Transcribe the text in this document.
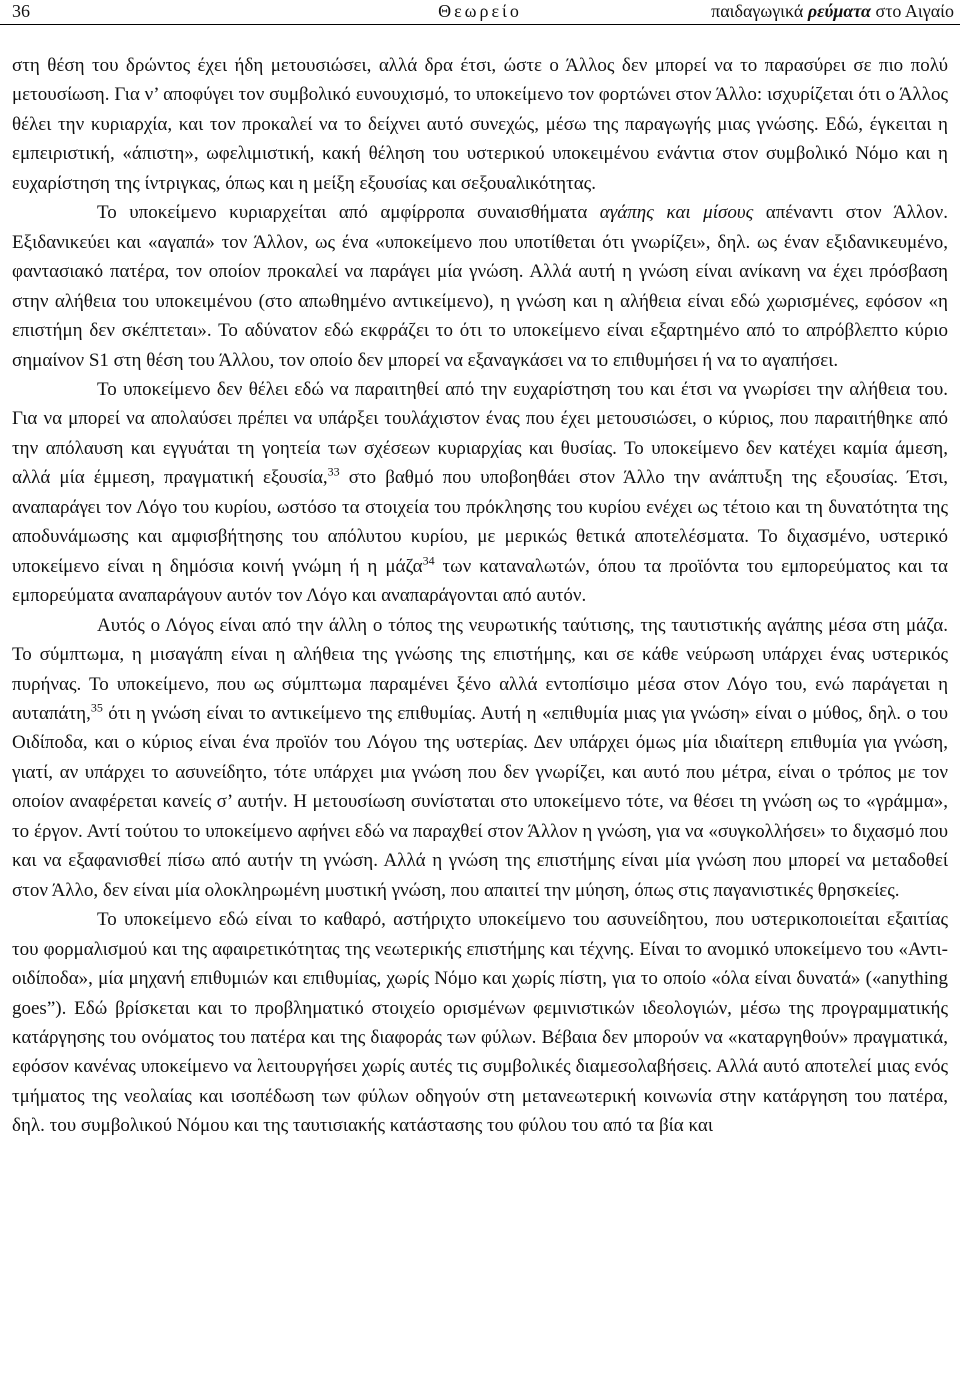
36	Θεωρείο	παιδαγωγικά ρεύματα στο Αιγαίο

στη θέση του δρώντος έχει ήδη μετουσιώσει, αλλά δρα έτσι, ώστε ο Άλλος δεν μπορεί να το παρασύρει σε πιο πολύ μετουσίωση. Για ν’ αποφύγει τον συμβολικό ευνουχισμό, το υποκείμενο τον φορτώνει στον Άλλο: ισχυρίζεται ότι ο Άλλος θέλει την κυριαρχία, και τον προκαλεί να το δείχνει αυτό συνεχώς, μέσω της παραγωγής μιας γνώσης. Εδώ, έγκειται η εμπειριστική, «άπιστη», ωφελιμιστική, κακή θέληση του υστερικού υποκειμένου ενάντια στον συμβολικό Νόμο και η ευχαρίστηση της ίντριγκας, όπως και η μείξη εξουσίας και σεξουαλικότητας.

Το υποκείμενο κυριαρχείται από αμφίρροπα συναισθήματα αγάπης και μίσους απέναντι στον Άλλον. Εξιδανικεύει και «αγαπά» τον Άλλον, ως ένα «υποκείμενο που υποτίθεται ότι γνωρίζει», δηλ. ως έναν εξιδανικευμένο, φαντασιακό πατέρα, τον οποίον προκαλεί να παράγει μία γνώση. Αλλά αυτή η γνώση είναι ανίκανη να έχει πρόσβαση στην αλήθεια του υποκειμένου (στο απωθημένο αντικείμενο), η γνώση και η αλήθεια είναι εδώ χωρισμένες, εφόσον «η επιστήμη δεν σκέπτεται». Το αδύνατον εδώ εκφράζει το ότι το υποκείμενο είναι εξαρτημένο από το απρόβλεπτο κύριο σημαίνον S1 στη θέση του Άλλου, τον οποίο δεν μπορεί να εξαναγκάσει να το επιθυμήσει ή να το αγαπήσει.

Το υποκείμενο δεν θέλει εδώ να παραιτηθεί από την ευχαρίστηση του και έτσι να γνωρίσει την αλήθεια του. Για να μπορεί να απολαύσει πρέπει να υπάρξει τουλάχιστον ένας που έχει μετουσιώσει, ο κύριος, που παραιτήθηκε από την απόλαυση και εγγυάται τη γοητεία των σχέσεων κυριαρχίας και θυσίας. Το υποκείμενο δεν κατέχει καμία άμεση, αλλά μία έμμεση, πραγματική εξουσία,$^{33}$ στο βαθμό που υποβοηθάει στον Άλλο την ανάπτυξη της εξουσίας. Έτσι, αναπαράγει τον Λόγο του κυρίου, ωστόσο τα στοιχεία του πρόκλησης του κυρίου ενέχει ως τέτοιο και τη δυνατότητα της αποδυνάμωσης και αμφισβήτησης του απόλυτου κυρίου, με μερικώς θετικά αποτελέσματα. Το διχασμένο, υστερικό υποκείμενο είναι η δημόσια κοινή γνώμη ή η μάζα$^{34}$ των καταναλωτών, όπου τα προϊόντα του εμπορεύματος και τα εμπορεύματα αναπαράγουν αυτόν τον Λόγο και αναπαράγονται από αυτόν.

Αυτός ο Λόγος είναι από την άλλη ο τόπος της νευρωτικής ταύτισης, της ταυτιστικής αγάπης μέσα στη μάζα. Το σύμπτωμα, η μισαγάπη είναι η αλήθεια της γνώσης της επιστήμης, και σε κάθε νεύρωση υπάρχει ένας υστερικός πυρήνας. Το υποκείμενο, που ως σύμπτωμα παραμένει ξένο αλλά εντοπίσιμο μέσα στον Λόγο του, ενώ παράγεται η αυταπάτη,$^{35}$ ότι η γνώση είναι το αντικείμενο της επιθυμίας. Αυτή η «επιθυμία μιας για γνώση» είναι ο μύθος, δηλ. ο του Οιδίποδα, και ο κύριος είναι ένα προϊόν του Λόγου της υστερίας. Δεν υπάρχει όμως μία ιδιαίτερη επιθυμία για γνώση, γιατί, αν υπάρχει το ασυνείδητο, τότε υπάρχει μια γνώση που δεν γνωρίζει, και αυτό που μέτρα, είναι ο τρόπος με τον οποίον αναφέρεται κανείς σ’ αυτήν. Η μετουσίωση συνίσταται στο υποκείμενο τότε, να θέσει τη γνώση ως το «γράμμα», το έργον. Αντί τούτου το υποκείμενο αφήνει εδώ να παραχθεί στον Άλλον η γνώση, για να «συγκολλήσει» το διχασμό που και να εξαφανισθεί πίσω από αυτήν τη γνώση. Αλλά η γνώση της επιστήμης είναι μία γνώση που μπορεί να μεταδοθεί στον Άλλο, δεν είναι μία ολοκληρωμένη μυστική γνώση, που απαιτεί την μύηση, όπως στις παγανιστικές θρησκείες.

Το υποκείμενο εδώ είναι το καθαρό, αστήριχτο υποκείμενο του ασυνείδητου, που υστερικοποιείται εξαιτίας του φορμαλισμού και της αφαιρετικότητας της νεωτερικής επιστήμης και τέχνης. Είναι το ανομικό υποκείμενο του «Αντι-οιδίποδα», μία μηχανή επιθυμιών και επιθυμίας, χωρίς Νόμο και χωρίς πίστη, για το οποίο «όλα είναι δυνατά» («anything goes”). Εδώ βρίσκεται και το προβληματικό στοιχείο ορισμένων φεμινιστικών ιδεολογιών, μέσω της προγραμματικής κατάργησης του ονόματος του πατέρα και της διαφοράς των φύλων. Βέβαια δεν μπορούν να «καταργηθούν» πραγματικά, εφόσον κανένας υποκείμενο να λειτουργήσει χωρίς αυτές τις συμβολικές διαμεσολαβήσεις. Αλλά αυτό αποτελεί μιας ενός τμήματος της νεολαίας και ισοπέδωση των φύλων οδηγούν στη μετανεωτερική κοινωνία στην κατάργηση του πατέρα, δηλ. του συμβολικού Νόμου και της ταυτισιακής κατάστασης του φύλου του από τα βία και
